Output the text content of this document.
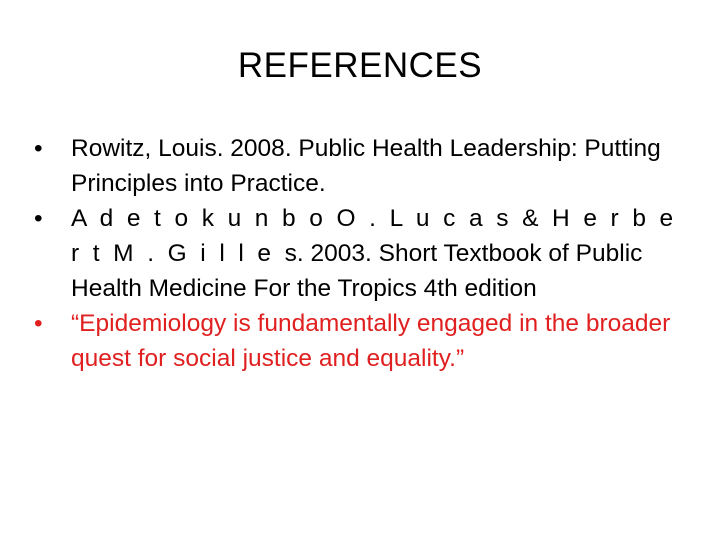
REFERENCES
•	Rowitz, Louis. 2008. Public Health Leadership: Putting Principles into Practice.
•	A d e t o k u n b o O . L u c a s & H e r b e r t M . G i l l e s. 2003. Short Textbook of Public Health Medicine For the Tropics 4th edition
•	“Epidemiology is fundamentally engaged in the broader quest for social justice and equality.”
